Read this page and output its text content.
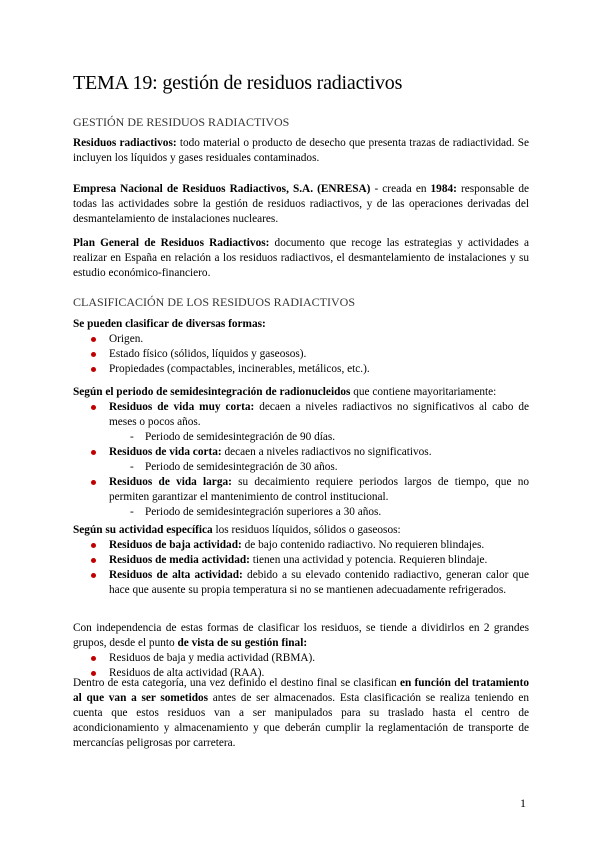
TEMA 19: gestión de residuos radiactivos

GESTIÓN DE RESIDUOS RADIACTIVOS

Residuos radiactivos: todo material o producto de desecho que presenta trazas de radiactividad. Se incluyen los líquidos y gases residuales contaminados.

Empresa Nacional de Residuos Radiactivos, S.A. (ENRESA) - creada en 1984: responsable de todas las actividades sobre la gestión de residuos radiactivos, y de las operaciones derivadas del desmantelamiento de instalaciones nucleares.

Plan General de Residuos Radiactivos: documento que recoge las estrategias y actividades a realizar en España en relación a los residuos radiactivos, el desmantelamiento de instalaciones y su estudio económico-financiero.

CLASIFICACIÓN DE LOS RESIDUOS RADIACTIVOS

Se pueden clasificar de diversas formas:

Origen.
Estado físico (sólidos, líquidos y gaseosos).
Propiedades (compactables, incinerables, metálicos, etc.).

Según el periodo de semidesintegración de radionucleidos que contiene mayoritariamente:

Residuos de vida muy corta: decaen a niveles radiactivos no significativos al cabo de meses o pocos años.
- Periodo de semidesintegración de 90 días.
Residuos de vida corta: decaen a niveles radiactivos no significativos.
- Periodo de semidesintegración de 30 años.
Residuos de vida larga: su decaimiento requiere periodos largos de tiempo, que no permiten garantizar el mantenimiento de control institucional.
- Periodo de semidesintegración superiores a 30 años.

Según su actividad específica los residuos líquidos, sólidos o gaseosos:

Residuos de baja actividad: de bajo contenido radiactivo. No requieren blindajes.
Residuos de media actividad: tienen una actividad y potencia. Requieren blindaje.
Residuos de alta actividad: debido a su elevado contenido radiactivo, generan calor que hace que ausente su propia temperatura si no se mantienen adecuadamente refrigerados.

Con independencia de estas formas de clasificar los residuos, se tiende a dividirlos en 2 grandes grupos, desde el punto de vista de su gestión final:

Residuos de baja y media actividad (RBMA).
Residuos de alta actividad (RAA).

Dentro de esta categoría, una vez definido el destino final se clasifican en función del tratamiento al que van a ser sometidos antes de ser almacenados. Esta clasificación se realiza teniendo en cuenta que estos residuos van a ser manipulados para su traslado hasta el centro de acondicionamiento y almacenamiento y que deberán cumplir la reglamentación de transporte de mercancías peligrosas por carretera.

1
